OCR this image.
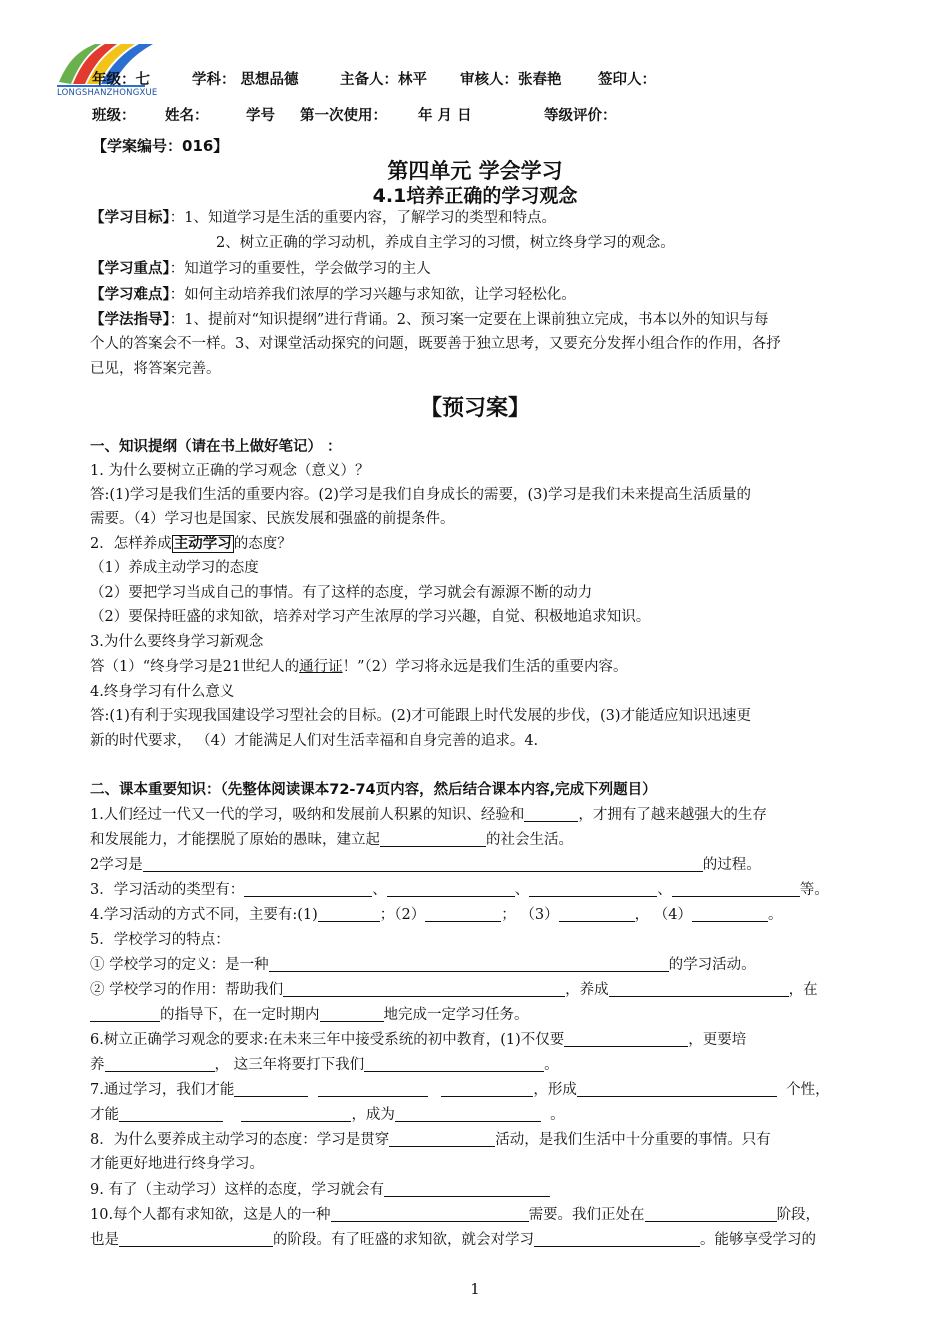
LONGSHANZHONGXUE
年级：七	学科： 思想品德	主备人：林平 审核人：张春艳	签印人：
班级： 姓名：	学号 第一次使用： 年 月 日	等级评价：
【学案编号：016】
第四单元 学会学习
4.1培养正确的学习观念
【学习目标】：1、知道学习是生活的重要内容，了解学习的类型和特点。
2、树立正确的学习动机，养成自主学习的习惯，树立终身学习的观念。
【学习重点】：知道学习的重要性，学会做学习的主人
【学习难点】：如何主动培养我们浓厚的学习兴趣与求知欲，让学习轻松化。
【学法指导】：1、提前对“知识提纲”进行背诵。2、预习案一定要在上课前独立完成，书本以外的知识与每
个人的答案会不一样。3、对课堂活动探究的问题，既要善于独立思考，又要充分发挥小组合作的作用，各抒
已见，将答案完善。
【预习案】
一、知识提纲（请在书上做好笔记） ：
1. 为什么要树立正确的学习观念（意义）？
答:(1)学习是我们生活的重要内容。(2)学习是我们自身成长的需要，(3)学习是我们未来提高生活质量的
需要。（4）学习也是国家、民族发展和强盛的前提条件。
2．怎样养成 主动学习 的态度？
（1）养成主动学习的态度
（2）要把学习当成自己的事情。有了这样的态度，学习就会有源源不断的动力
（2）要保持旺盛的求知欲，培养对学习产生浓厚的学习兴趣，自觉、积极地追求知识。
3.为什么要终身学习新观念
答（1）“终身学习是21世纪人的通行证！”（2）学习将永远是我们生活的重要内容。
4.终身学习有什么意义
答:(1)有利于实现我国建设学习型社会的目标。(2)才可能跟上时代发展的步伐，(3)才能适应知识迅速更
新的时代要求， （4）才能满足人们对生活幸福和自身完善的追求。4.
二、课本重要知识：（先整体阅读课本72-74页内容，然后结合课本内容,完成下列题目）
1.人们经过一代又一代的学习，吸纳和发展前人积累的知识、经验和	，才拥有了越来越强大的生存
和发展能力，才能摆脱了原始的愚昧，建立起	的社会生活。
2学习是	的过程。
3．学习活动的类型有：	、	、	、	等。
4.学习活动的方式不同，主要有:(1)	；（2）	； （3）	， （4）	。
5．学校学习的特点：
① 学校学习的定义：是一种	的学习活动。
② 学校学习的作用：帮助我们	，养成	，在
的指导下，在一定时期内	地完成一定学习任务。
6.树立正确学习观念的要求:在未来三年中接受系统的初中教育，(1)不仅要	，更要培
养	， 这三年将要打下我们	。
7.通过学习，我们才能	，形成	个性，
才能	，成为	。
8．为什么要养成主动学习的态度：学习是贯穿	活动，是我们生活中十分重要的事情。只有
才能更好地进行终身学习。
9. 有了（主动学习）这样的态度，学习就会有
10.每个人都有求知欲，这是人的一种	需要。我们正处在	阶段，
也是	的阶段。有了旺盛的求知欲，就会对学习	。能够享受学习的
1
